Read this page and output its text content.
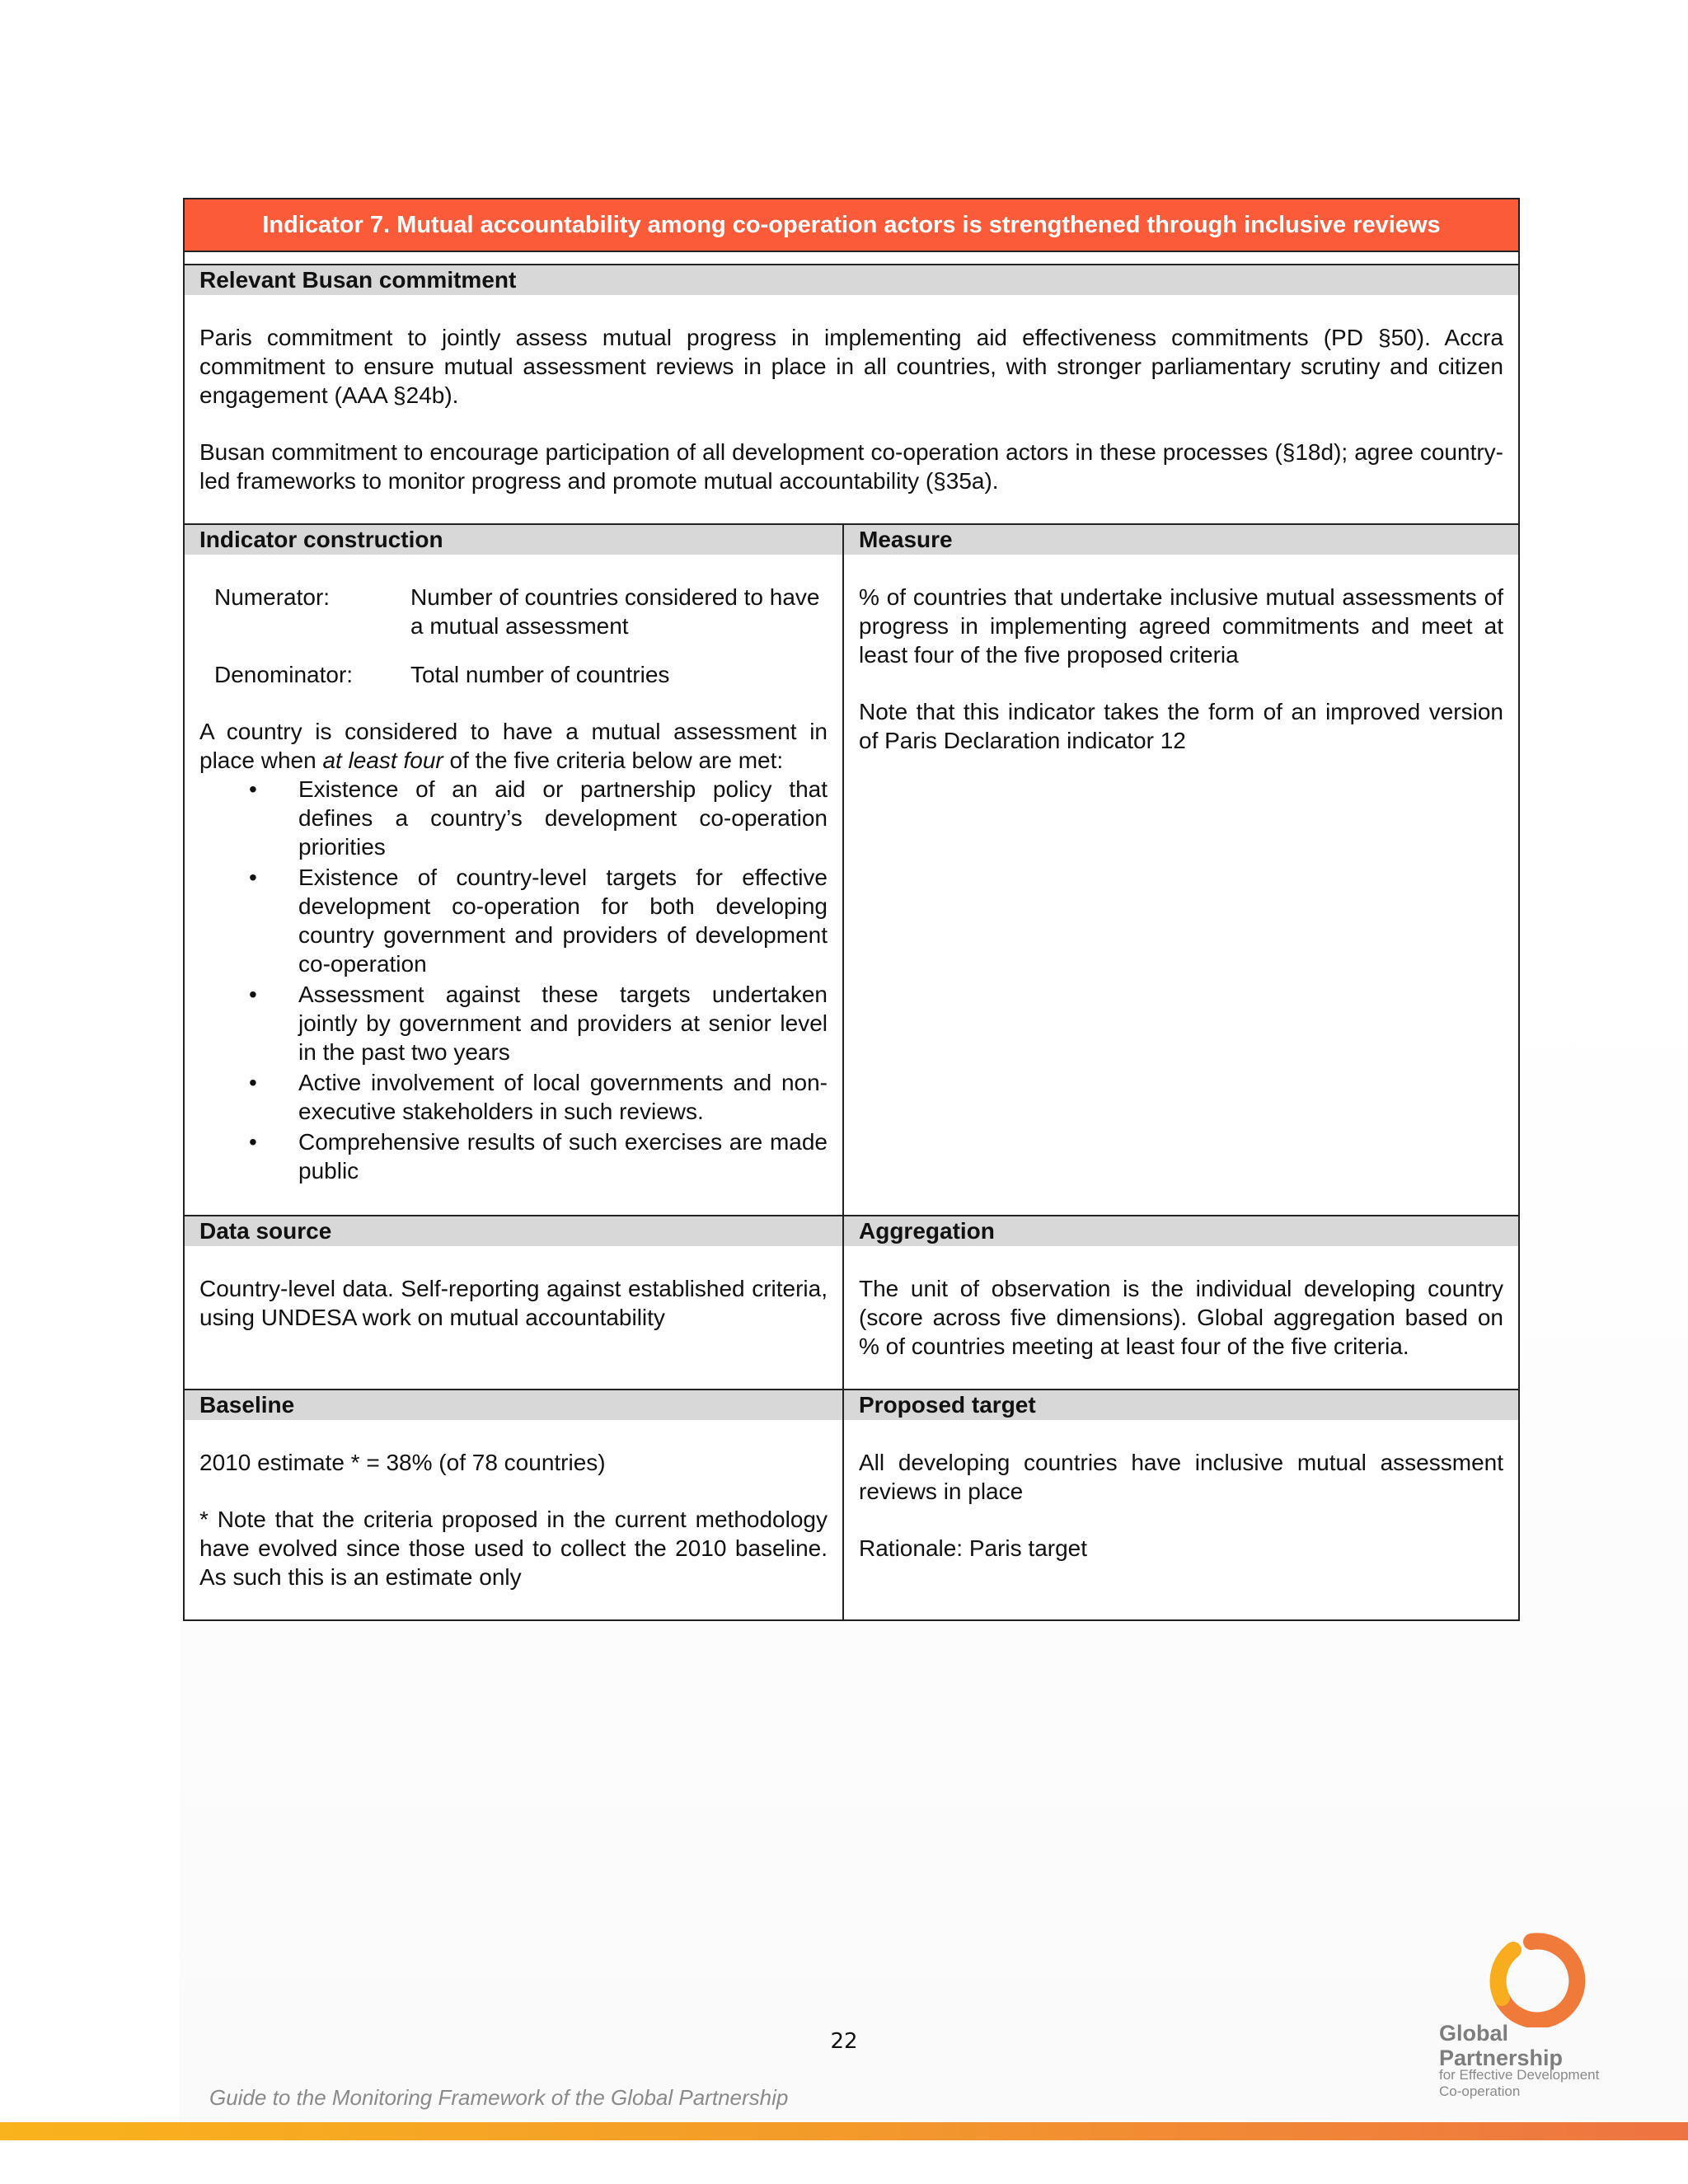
Indicator 7. Mutual accountability among co-operation actors is strengthened through inclusive reviews
Relevant Busan commitment

Paris commitment to jointly assess mutual progress in implementing aid effectiveness commitments (PD §50). Accra commitment to ensure mutual assessment reviews in place in all countries, with stronger parliamentary scrutiny and citizen engagement (AAA §24b).

Busan commitment to encourage participation of all development co-operation actors in these processes (§18d); agree country-led frameworks to monitor progress and promote mutual accountability (§35a).

Indicator construction
Numerator:	Number of countries considered to have a mutual assessment
Denominator:	Total number of countries

A country is considered to have a mutual assessment in place when at least four of the five criteria below are met:

• Existence of an aid or partnership policy that defines a country’s development co-operation priorities
• Existence of country-level targets for effective development co-operation for both developing country government and providers of development co-operation
• Assessment against these targets undertaken jointly by government and providers at senior level in the past two years
• Active involvement of local governments and non-executive stakeholders in such reviews.
• Comprehensive results of such exercises are made public
Measure

% of countries that undertake inclusive mutual assessments of progress in implementing agreed commitments and meet at least four of the five proposed criteria

Note that this indicator takes the form of an improved version of Paris Declaration indicator 12

Data source

Country-level data. Self-reporting against established criteria, using UNDESA work on mutual accountability

Aggregation

The unit of observation is the individual developing country (score across five dimensions). Global aggregation based on % of countries meeting at least four of the five criteria.

Baseline

2010 estimate * = 38% (of 78 countries)

* Note that the criteria proposed in the current methodology have evolved since those used to collect the 2010 baseline. As such this is an estimate only

Proposed target

All developing countries have inclusive mutual assessment reviews in place

Rationale: Paris target

22
Guide to the Monitoring Framework of the Global Partnership
Global
Partnership
for Effective Development
Co-operation
